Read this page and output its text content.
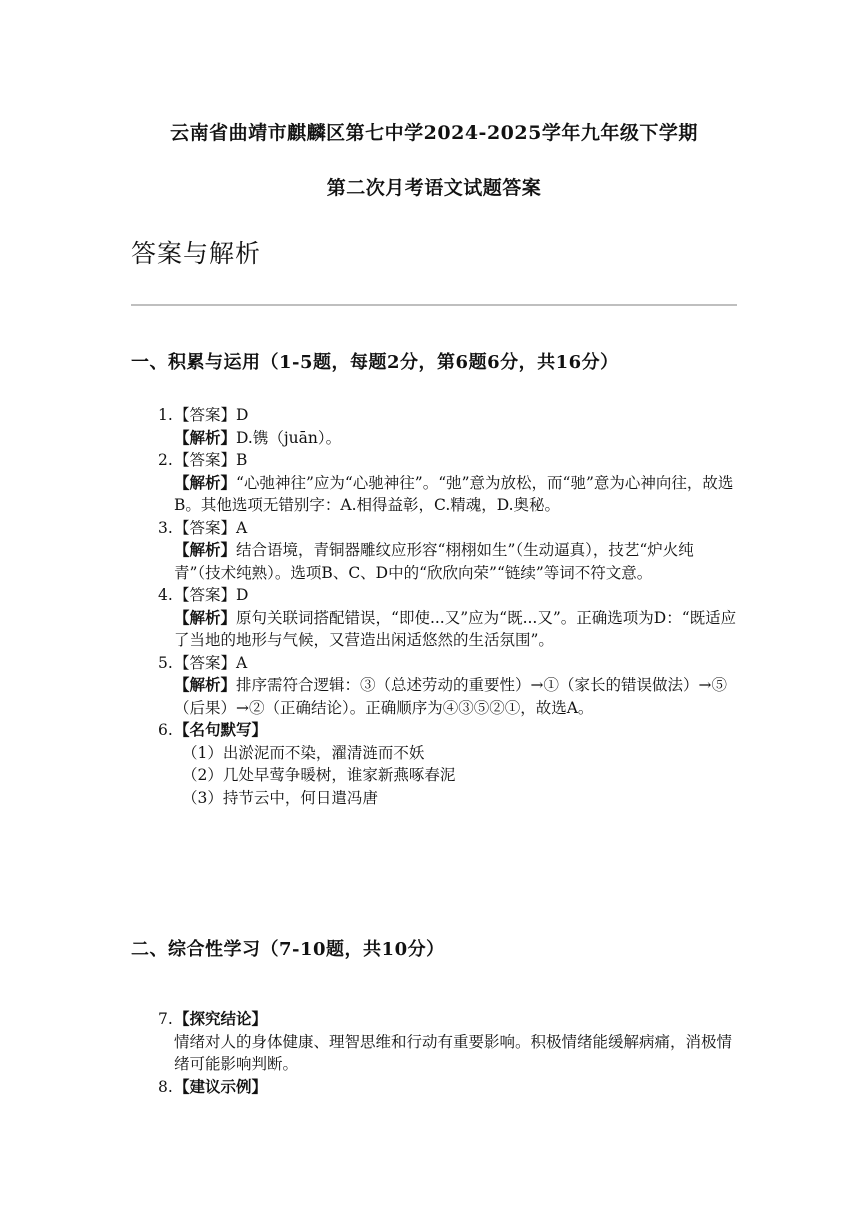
云南省曲靖市麒麟区第七中学2024-2025学年九年级下学期
第二次月考语文试题答案
答案与解析
一、积累与运用（1-5题，每题2分，第6题6分，共16分）
1. 【答案】D
【解析】D.镌（juān）。
2. 【答案】B
【解析】“心弛神往”应为“心驰神往”。“弛”意为放松，而“驰”意为心神向往，故选B。其他选项无错别字：A.相得益彰，C.精魂，D.奥秘。
3. 【答案】A
【解析】结合语境，青铜器雕纹应形容“栩栩如生”（生动逼真），技艺“炉火纯青”（技术纯熟）。选项B、C、D中的“欣欣向荣”“链续”等词不符文意。
4. 【答案】D
【解析】原句关联词搭配错误，“即使...又”应为“既...又”。正确选项为D：“既适应了当地的地形与气候，又营造出闲适悠然的生活氛围”。
5. 【答案】A
【解析】排序需符合逻辑：③（总述劳动的重要性）→①（家长的错误做法）→⑤（后果）→②（正确结论）。正确顺序为④③⑤②①，故选A。
6. 【名句默写】
（1）出淤泥而不染，濯清涟而不妖
（2）几处早莺争暖树，谁家新燕啄春泥
（3）持节云中，何日遣冯唐
二、综合性学习（7-10题，共10分）
7. 【探究结论】
情绪对人的身体健康、理智思维和行动有重要影响。积极情绪能缓解病痛，消极情绪可能影响判断。
8. 【建议示例】
